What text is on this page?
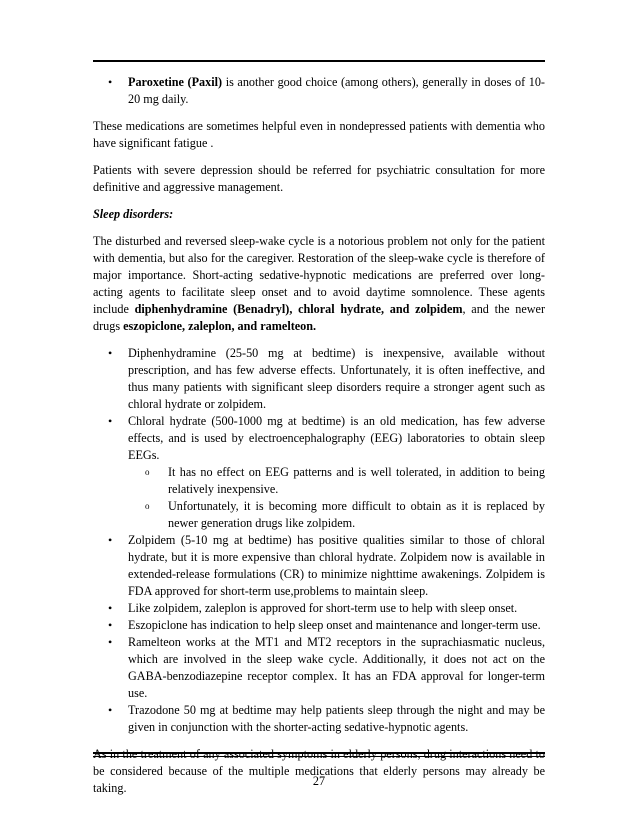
• Paroxetine (Paxil) is another good choice (among others), generally in doses of 10-20 mg daily.

These medications are sometimes helpful even in nondepressed patients with dementia who have significant fatigue .

Patients with severe depression should be referred for psychiatric consultation for more definitive and aggressive management.

Sleep disorders:

The disturbed and reversed sleep-wake cycle is a notorious problem not only for the patient with dementia, but also for the caregiver. Restoration of the sleep-wake cycle is therefore of major importance. Short-acting sedative-hypnotic medications are preferred over long-acting agents to facilitate sleep onset and to avoid daytime somnolence. These agents include diphenhydramine (Benadryl), chloral hydrate, and zolpidem, and the newer drugs eszopiclone, zaleplon, and ramelteon.

• Diphenhydramine (25-50 mg at bedtime) is inexpensive, available without prescription, and has few adverse effects. Unfortunately, it is often ineffective, and thus many patients with significant sleep disorders require a stronger agent such as chloral hydrate or zolpidem.
• Chloral hydrate (500-1000 mg at bedtime) is an old medication, has few adverse effects, and is used by electroencephalography (EEG) laboratories to obtain sleep EEGs.
o It has no effect on EEG patterns and is well tolerated, in addition to being relatively inexpensive.
o Unfortunately, it is becoming more difficult to obtain as it is replaced by newer generation drugs like zolpidem.
• Zolpidem (5-10 mg at bedtime) has positive qualities similar to those of chloral hydrate, but it is more expensive than chloral hydrate. Zolpidem now is available in extended-release formulations (CR) to minimize nighttime awakenings. Zolpidem is FDA approved for short-term use,problems to maintain sleep.
• Like zolpidem, zaleplon is approved for short-term use to help with sleep onset.
• Eszopiclone has indication to help sleep onset and maintenance and longer-term use.
• Ramelteon works at the MT1 and MT2 receptors in the suprachiasmatic nucleus, which are involved in the sleep wake cycle. Additionally, it does not act on the GABA-benzodiazepine receptor complex. It has an FDA approval for longer-term use.
• Trazodone 50 mg at bedtime may help patients sleep through the night and may be given in conjunction with the shorter-acting sedative-hypnotic agents.

As in the treatment of any associated symptoms in elderly persons, drug interactions need to be considered because of the multiple medications that elderly persons may already be taking.	27
